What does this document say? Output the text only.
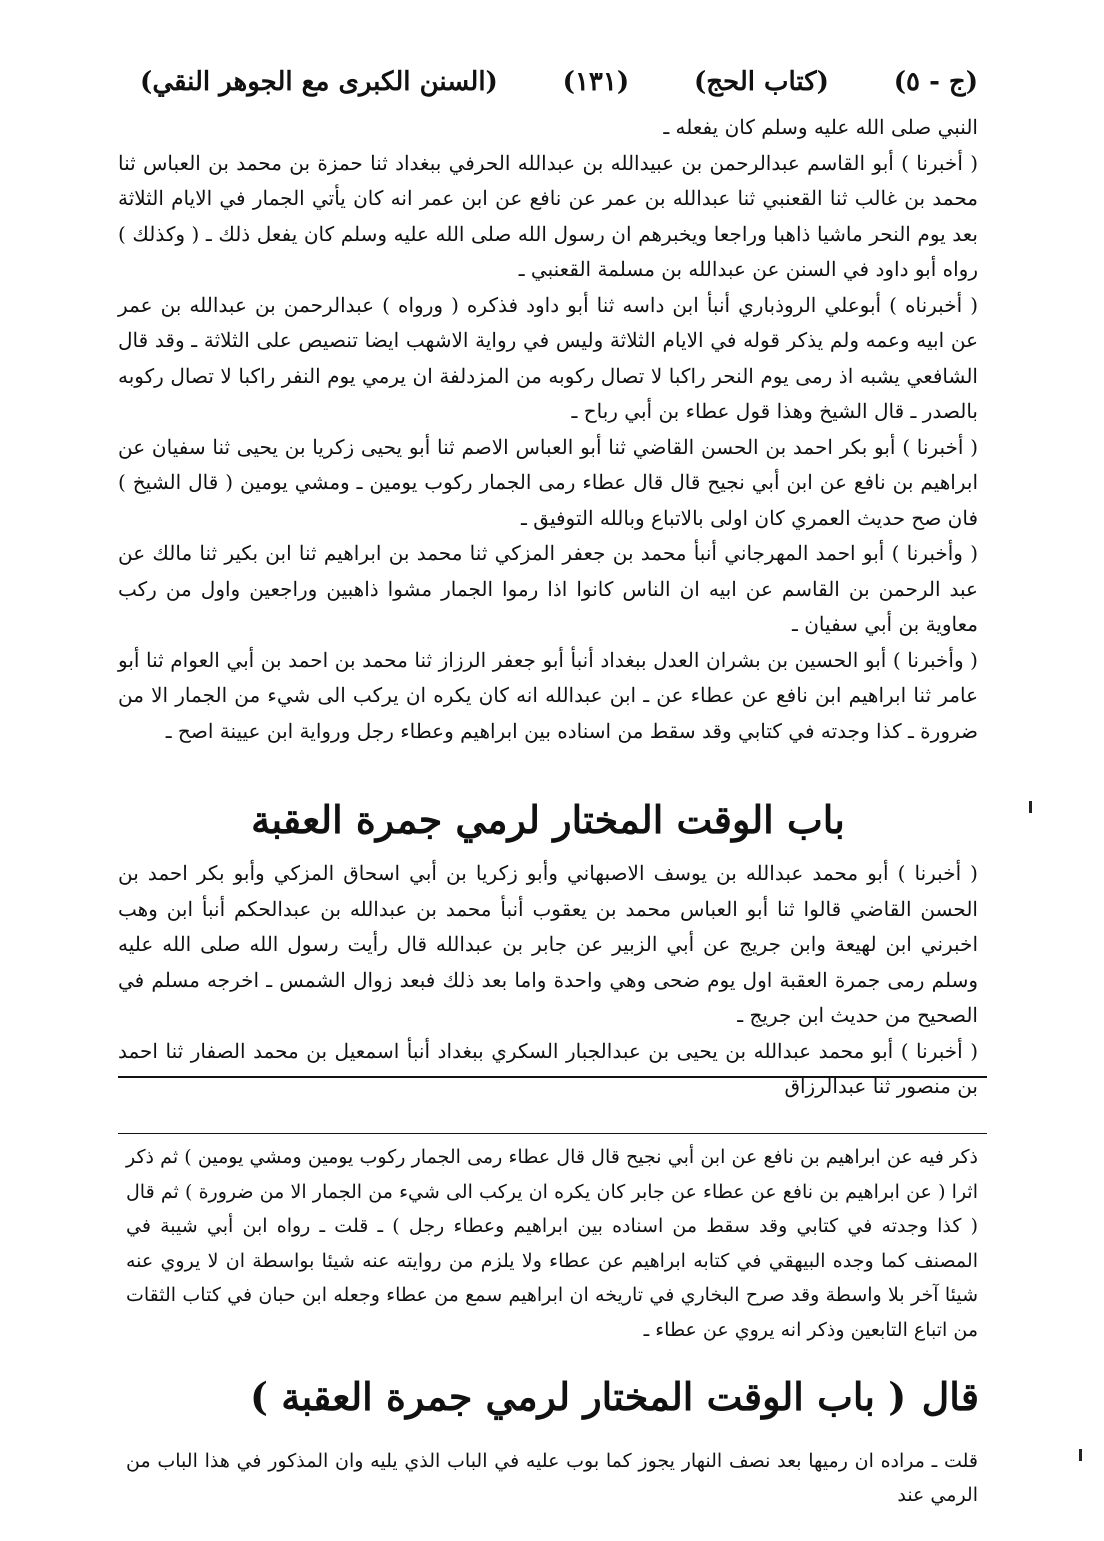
(السنن الكبرى مع الجوهر النقي) (١٣١) (كتاب الحج) (ج - ٥)

النبي صلى الله عليه وسلم كان يفعله ـ

( أخبرنا ) أبو القاسم عبدالرحمن بن عبيدالله بن عبدالله الحرفي ببغداد ثنا حمزة بن محمد بن العباس ثنا محمد بن غالب ثنا القعنبي ثنا عبدالله بن عمر عن نافع عن ابن عمر انه كان يأتي الجمار في الايام الثلاثة بعد يوم النحر ماشيا ذاهبا وراجعا ويخبرهم ان رسول الله صلى الله عليه وسلم كان يفعل ذلك ـ ( وكذلك ) رواه أبو داود في السنن عن عبدالله بن مسلمة القعنبي ـ

( أخبرناه ) أبوعلي الروذباري أنبأ ابن داسه ثنا أبو داود فذكره ( ورواه ) عبدالرحمن بن عبدالله بن عمر عن ابيه وعمه ولم يذكر قوله في الايام الثلاثة وليس في رواية الاشهب ايضا تنصيص على الثلاثة ـ وقد قال الشافعي يشبه اذ رمى يوم النحر راكبا لا تصال ركوبه من المزدلفة ان يرمي يوم النفر راكبا لا تصال ركوبه بالصدر ـ قال الشيخ وهذا قول عطاء بن أبي رباح ـ

( أخبرنا ) أبو بكر احمد بن الحسن القاضي ثنا أبو العباس الاصم ثنا أبو يحيى زكريا بن يحيى ثنا سفيان عن ابراهيم بن نافع عن ابن أبي نجيح قال قال عطاء رمى الجمار ركوب يومين ـ ومشي يومين ( قال الشيخ ) فان صح حديث العمري كان اولى بالاتباع وبالله التوفيق ـ

( وأخبرنا ) أبو احمد المهرجاني أنبأ محمد بن جعفر المزكي ثنا محمد بن ابراهيم ثنا ابن بكير ثنا مالك عن عبد الرحمن بن القاسم عن ابيه ان الناس كانوا اذا رموا الجمار مشوا ذاهبين وراجعين واول من ركب معاوية بن أبي سفيان ـ

( وأخبرنا ) أبو الحسين بن بشران العدل ببغداد أنبأ أبو جعفر الرزاز ثنا محمد بن احمد بن أبي العوام ثنا أبو عامر ثنا ابراهيم ابن نافع عن عطاء عن ـ ابن عبدالله انه كان يكره ان يركب الى شيء من الجمار الا من ضرورة ـ كذا وجدته في كتابي وقد سقط من اسناده بين ابراهيم وعطاء رجل ورواية ابن عيينة اصح ـ

باب الوقت المختار لرمي جمرة العقبة

( أخبرنا ) أبو محمد عبدالله بن يوسف الاصبهاني وأبو زكريا بن أبي اسحاق المزكي وأبو بكر احمد بن الحسن القاضي قالوا ثنا أبو العباس محمد بن يعقوب أنبأ محمد بن عبدالله بن عبدالحكم أنبأ ابن وهب اخبرني ابن لهيعة وابن جريج عن أبي الزبير عن جابر بن عبدالله قال رأيت رسول الله صلى الله عليه وسلم رمى جمرة العقبة اول يوم ضحى وهي واحدة واما بعد ذلك فبعد زوال الشمس ـ اخرجه مسلم في الصحيح من حديث ابن جريج ـ

( أخبرنا ) أبو محمد عبدالله بن يحيى بن عبدالجبار السكري ببغداد أنبأ اسمعيل بن محمد الصفار ثنا احمد بن منصور ثنا عبدالرزاق

ذكر فيه عن ابراهيم بن نافع عن ابن أبي نجيح قال قال عطاء رمى الجمار ركوب يومين ومشي يومين ) ثم ذكر اثرا ( عن ابراهيم بن نافع عن عطاء عن جابر كان يكره ان يركب الى شيء من الجمار الا من ضرورة ) ثم قال ( كذا وجدته في كتابي وقد سقط من اسناده بين ابراهيم وعطاء رجل ) ـ قلت ـ رواه ابن أبي شيبة في المصنف كما وجده البيهقي في كتابه ابراهيم عن عطاء ولا يلزم من روايته عنه شيئا بواسطة ان لا يروي عنه شيئا آخر بلا واسطة وقد صرح البخاري في تاريخه ان ابراهيم سمع من عطاء وجعله ابن حبان في كتاب الثقات من اتباع التابعين وذكر انه يروي عن عطاء ـ

قال
( باب الوقت المختار لرمي جمرة العقبة )

قلت ـ مراده ان رميها بعد نصف النهار يجوز كما بوب عليه في الباب الذي يليه وان المذكور في هذا الباب من الرمي عند
